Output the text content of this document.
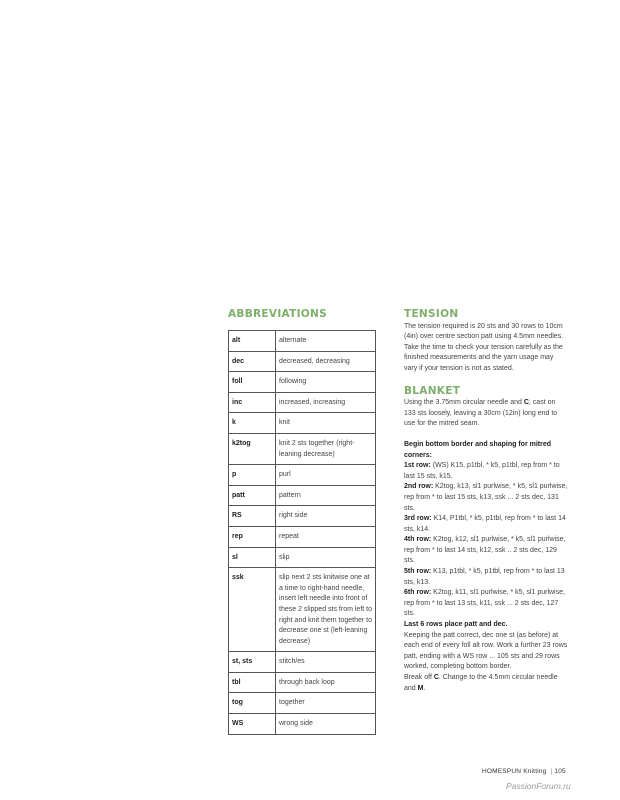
ABBREVIATIONS
alt	alternate
dec	decreased, decreasing
foll	following
inc	increased, increasing
k	knit
k2tog	knit 2 sts together (right-leaning decrease)
p	purl
patt	pattern
RS	right side
rep	repeat
sl	slip
ssk	slip next 2 sts knitwise one at a time to right-hand needle, insert left needle into front of these 2 slipped sts from left to right and knit them together to decrease one st (left-leaning decrease)
st, sts	stitch/es
tbl	through back loop
tog	together
WS	wrong side
TENSION

The tension required is 20 sts and 30 rows to 10cm (4in) over centre section patt using 4.5mm needles. Take the time to check your tension carefully as the finished measurements and the yarn usage may vary if your tension is not as stated.

BLANKET

Using the 3.75mm circular needle and C, cast on 133 sts loosely, leaving a 30cm (12in) long end to use for the mitred seam.

Begin bottom border and shaping for mitred corners:

1st row: (WS) K15, p1tbl, * k5, p1tbl, rep from * to last 15 sts, k15.

2nd row: K2tog, k13, sl1 purlwise, * k5, sl1 purlwise, rep from * to last 15 sts, k13, ssk ... 2 sts dec, 131 sts.

3rd row: K14, P1tbl, * k5, p1tbl, rep from * to last 14 sts, k14.

4th row: K2tog, k12, sl1 purlwise, * k5, sl1 purlwise, rep from * to last 14 sts, k12, ssk .. 2 sts dec, 129 sts.

5th row: K13, p1tbl, * k5, p1tbl, rep from * to last 13 sts, k13.

6th row: K2tog, k11, sl1 purlwise, * k5, sl1 purlwise, rep from * to last 13 sts, k11, ssk ... 2 sts dec, 127 sts.

Last 6 rows place patt and dec.

Keeping the patt correct, dec one st (as before) at each end of every foll alt row. Work a further 23 rows patt, ending with a WS row ... 105 sts and 29 rows worked, completing bottom border.

Break off C. Change to the 4.5mm circular needle and M.

HOMESPUN Knitting | 105
PassionForum.ru
